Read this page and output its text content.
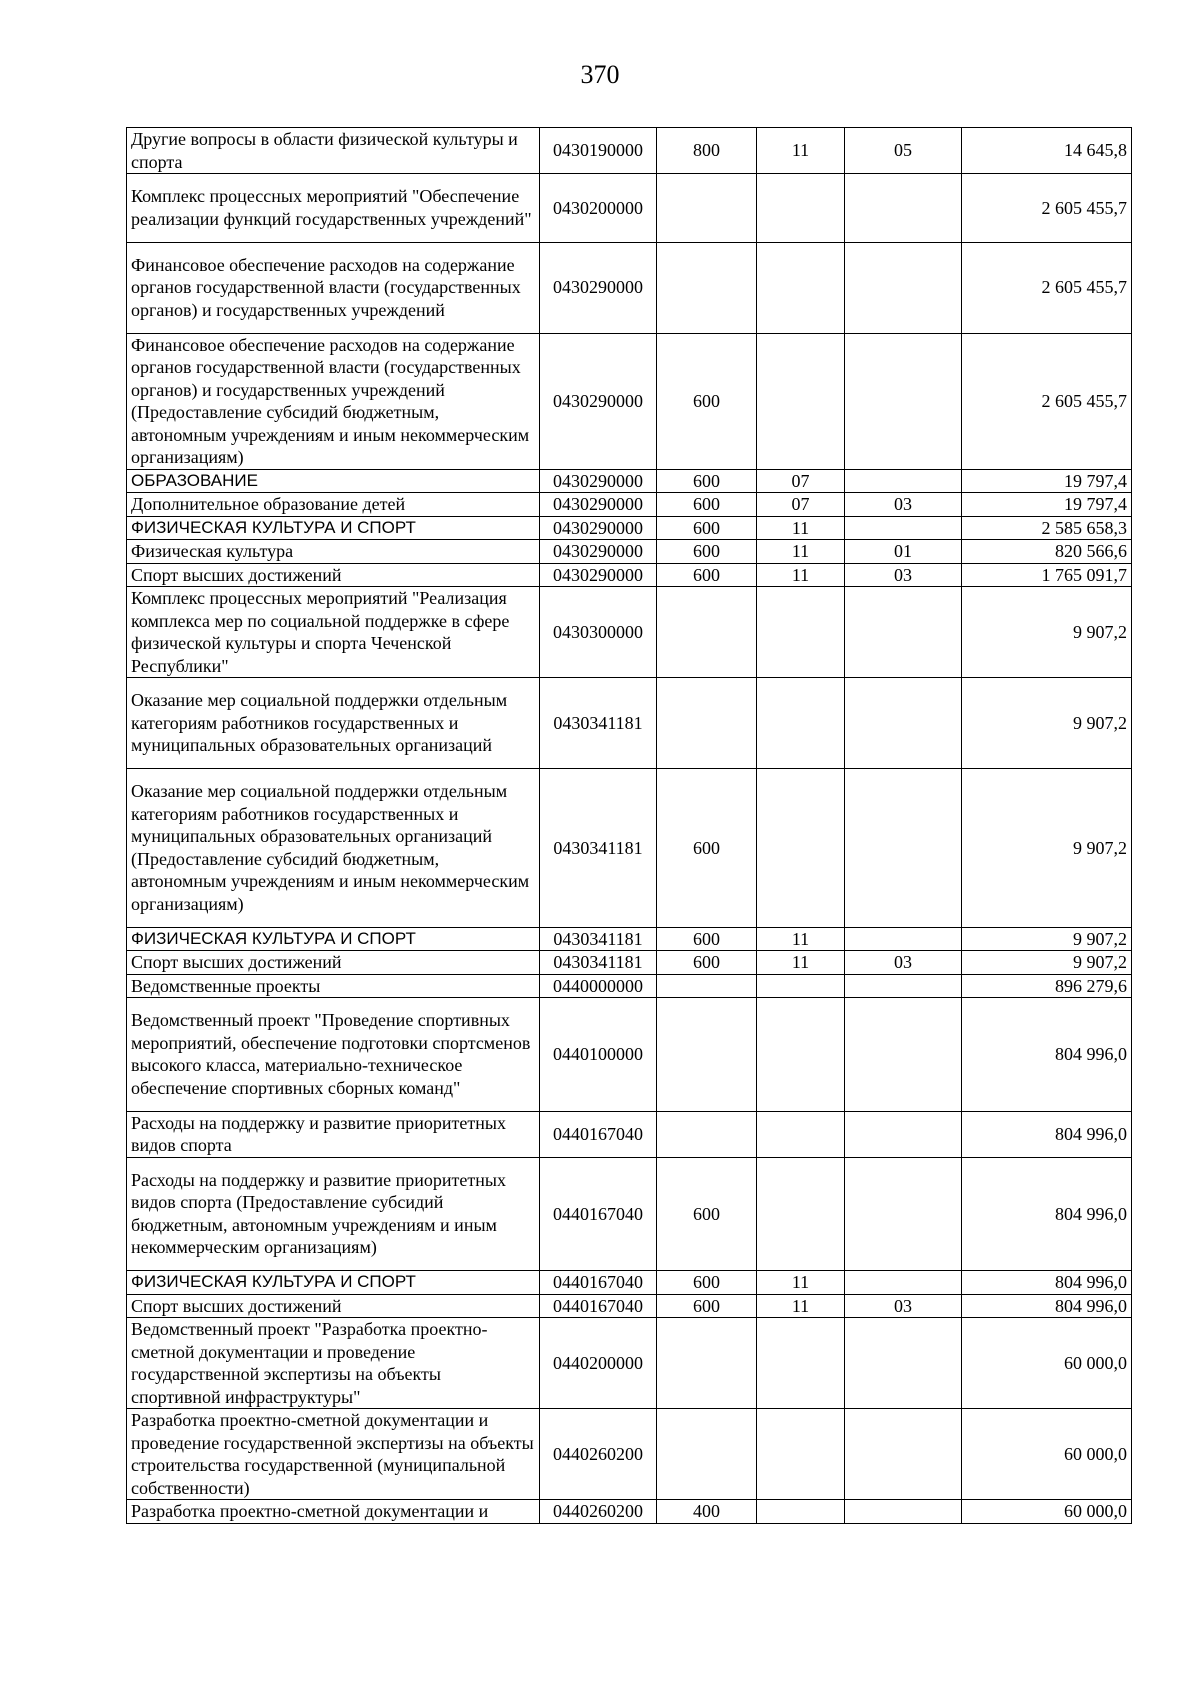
370
Другие вопросы в области физической культуры и спорта	0430190000	800	11	05	14 645,8
Комплекс процессных мероприятий "Обеспечение реализации функций государственных учреждений"	0430200000				2 605 455,7
Финансовое обеспечение расходов на содержание органов государственной власти (государственных органов) и государственных учреждений	0430290000				2 605 455,7
Финансовое обеспечение расходов на содержание органов государственной власти (государственных органов) и государственных учреждений (Предоставление субсидий бюджетным, автономным учреждениям и иным некоммерческим организациям)	0430290000	600			2 605 455,7
ОБРАЗОВАНИЕ	0430290000	600	07		19 797,4
Дополнительное образование детей	0430290000	600	07	03	19 797,4
ФИЗИЧЕСКАЯ КУЛЬТУРА И СПОРТ	0430290000	600	11		2 585 658,3
Физическая культура	0430290000	600	11	01	820 566,6
Спорт высших достижений	0430290000	600	11	03	1 765 091,7
Комплекс процессных мероприятий "Реализация комплекса мер по социальной поддержке в сфере физической культуры и спорта Чеченской Республики"	0430300000				9 907,2
Оказание мер социальной поддержки отдельным категориям работников государственных и муниципальных образовательных организаций	0430341181				9 907,2
Оказание мер социальной поддержки отдельным категориям работников государственных и муниципальных образовательных организаций (Предоставление субсидий бюджетным, автономным учреждениям и иным некоммерческим организациям)	0430341181	600			9 907,2
ФИЗИЧЕСКАЯ КУЛЬТУРА И СПОРТ	0430341181	600	11		9 907,2
Спорт высших достижений	0430341181	600	11	03	9 907,2
Ведомственные проекты	0440000000				896 279,6
Ведомственный проект "Проведение спортивных мероприятий, обеспечение подготовки спортсменов высокого класса, материально-техническое обеспечение спортивных сборных команд"	0440100000				804 996,0
Расходы на поддержку и развитие приоритетных видов спорта	0440167040				804 996,0
Расходы на поддержку и развитие приоритетных видов спорта (Предоставление субсидий бюджетным, автономным учреждениям и иным некоммерческим организациям)	0440167040	600			804 996,0
ФИЗИЧЕСКАЯ КУЛЬТУРА И СПОРТ	0440167040	600	11		804 996,0
Спорт высших достижений	0440167040	600	11	03	804 996,0
Ведомственный проект "Разработка проектно-сметной документации и проведение государственной экспертизы на объекты спортивной инфраструктуры"	0440200000				60 000,0
Разработка проектно-сметной документации и проведение государственной экспертизы на объекты строительства государственной (муниципальной собственности)	0440260200				60 000,0
Разработка проектно-сметной документации и	0440260200	400			60 000,0
